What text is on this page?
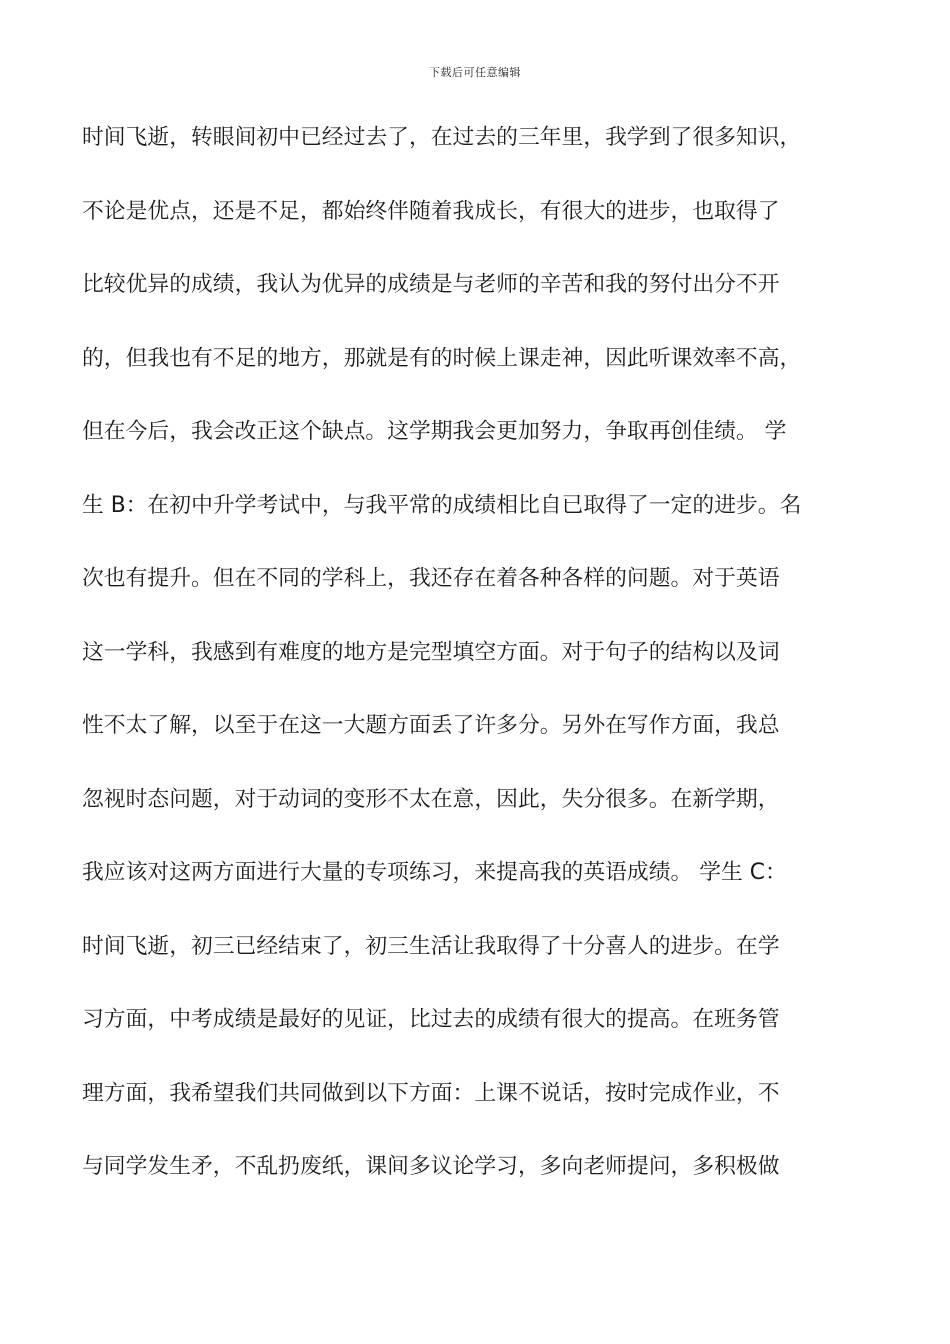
下载后可任意编辑
时间飞逝，转眼间初中已经过去了，在过去的三年里，我学到了很多知识，
不论是优点，还是不足，都始终伴随着我成长，有很大的进步，也取得了
比较优异的成绩，我认为优异的成绩是与老师的辛苦和我的努付出分不开
的，但我也有不足的地方，那就是有的时候上课走神，因此听课效率不高，
但在今后，我会改正这个缺点。这学期我会更加努力，争取再创佳绩。 学
生 B：在初中升学考试中，与我平常的成绩相比自已取得了一定的进步。名
次也有提升。但在不同的学科上，我还存在着各种各样的问题。对于英语
这一学科，我感到有难度的地方是完型填空方面。对于句子的结构以及词
性不太了解，以至于在这一大题方面丢了许多分。另外在写作方面，我总
忽视时态问题，对于动词的变形不太在意，因此，失分很多。在新学期，
我应该对这两方面进行大量的专项练习，来提高我的英语成绩。 学生 C：
时间飞逝，初三已经结束了，初三生活让我取得了十分喜人的进步。在学
习方面，中考成绩是最好的见证，比过去的成绩有很大的提高。在班务管
理方面，我希望我们共同做到以下方面：上课不说话，按时完成作业，不
与同学发生矛，不乱扔废纸，课间多议论学习，多向老师提问，多积极做
